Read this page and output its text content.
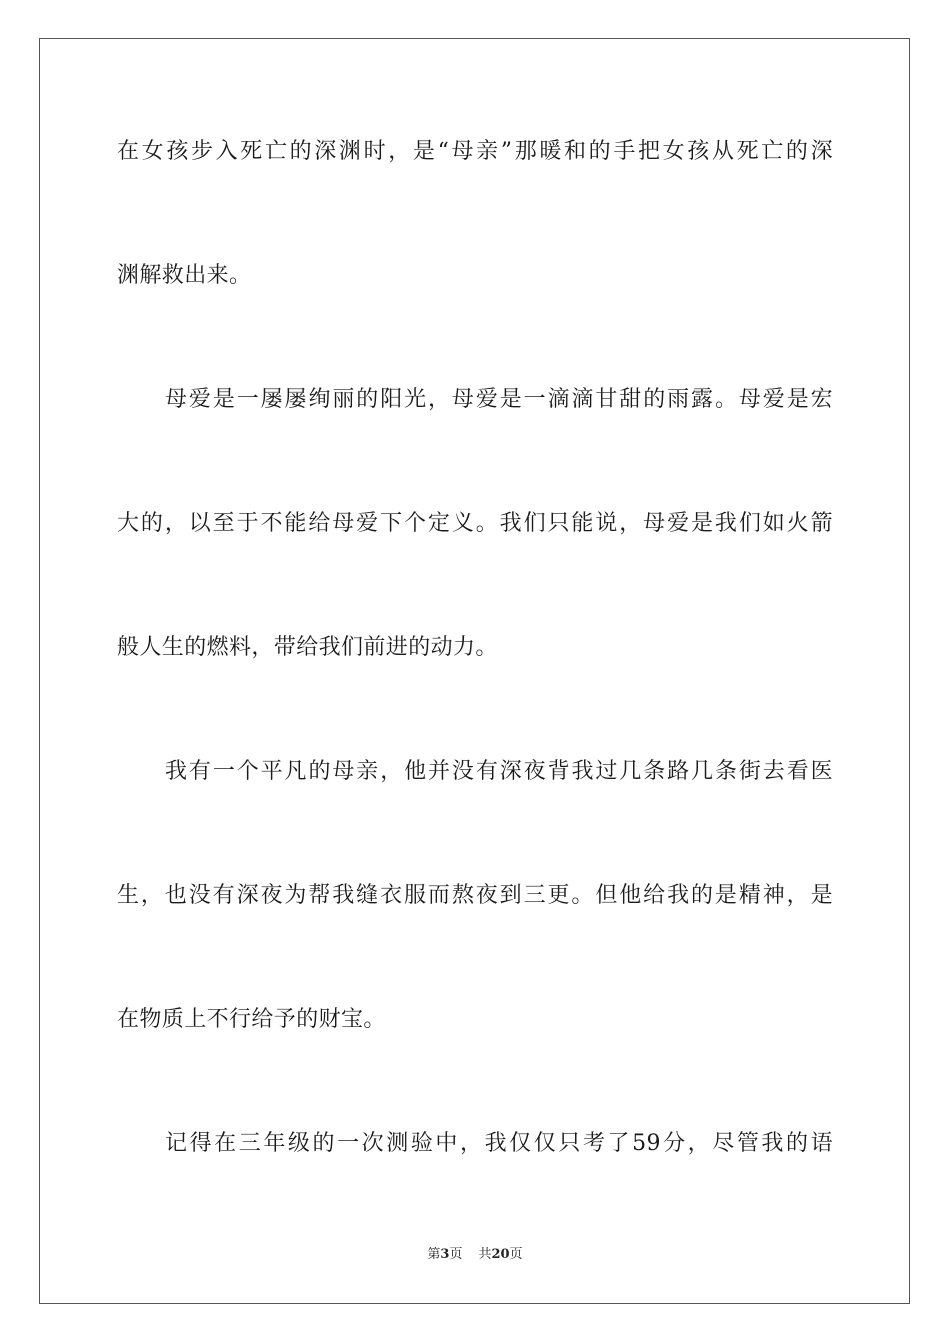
在女孩步入死亡的深渊时，是“母亲”那暖和的手把女孩从死亡的深
渊解救出来。
母爱是一屡屡绚丽的阳光，母爱是一滴滴甘甜的雨露。母爱是宏
大的，以至于不能给母爱下个定义。我们只能说，母爱是我们如火箭
般人生的燃料，带给我们前进的动力。
我有一个平凡的母亲，他并没有深夜背我过几条路几条街去看医
生，也没有深夜为帮我缝衣服而熬夜到三更。但他给我的是精神，是
在物质上不行给予的财宝。
记得在三年级的一次测验中，我仅仅只考了59分，尽管我的语
第3页 共20页
